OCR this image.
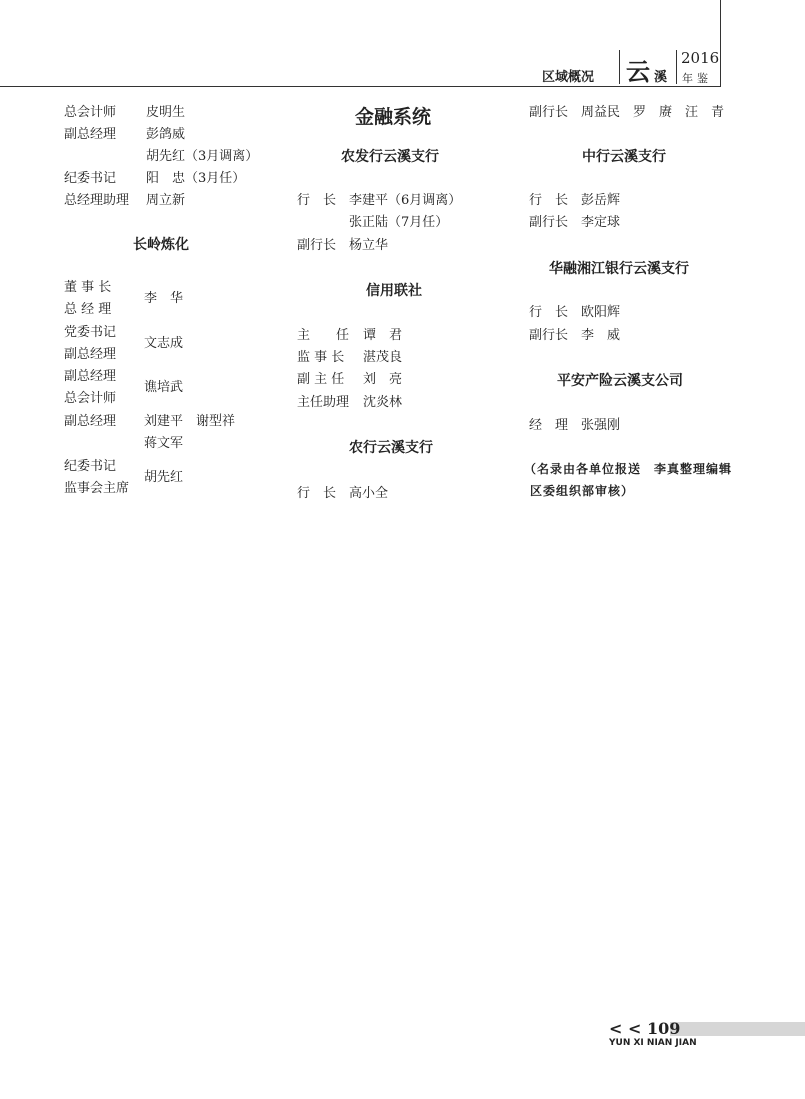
区域概况 云 溪
2016
年鉴
总会计师 皮明生
副总经理 彭鸽威
胡先红（3月调离）
纪委书记 阳　忠（3月任）
总经理助理 周立新
长岭炼化
董 事 长
总 经 理
李　华
党委书记
副总经理
文志成
副总经理
总会计师
谯培武
副总经理 刘建平　谢型祥
蒋文军
纪委书记
监事会主席
胡先红
金融系统
农发行云溪支行
行　长 李建平（6月调离）
张正陆（7月任）
副行长 杨立华
信用联社
主　　任 谭　君
监 事 长 湛茂良
副 主 任 刘　亮
主任助理 沈炎林
农行云溪支行
行　长 高小全
副行长 周益民　罗　赓　汪　青
中行云溪支行
行　长 彭岳辉
副行长 李定球
华融湘江银行云溪支行
行　长 欧阳辉
副行长 李　威
平安产险云溪支公司
经　理 张强刚
（名录由各单位报送　李真整理编辑
区委组织部审核）
< < 109
YUN XI NIAN JIAN
